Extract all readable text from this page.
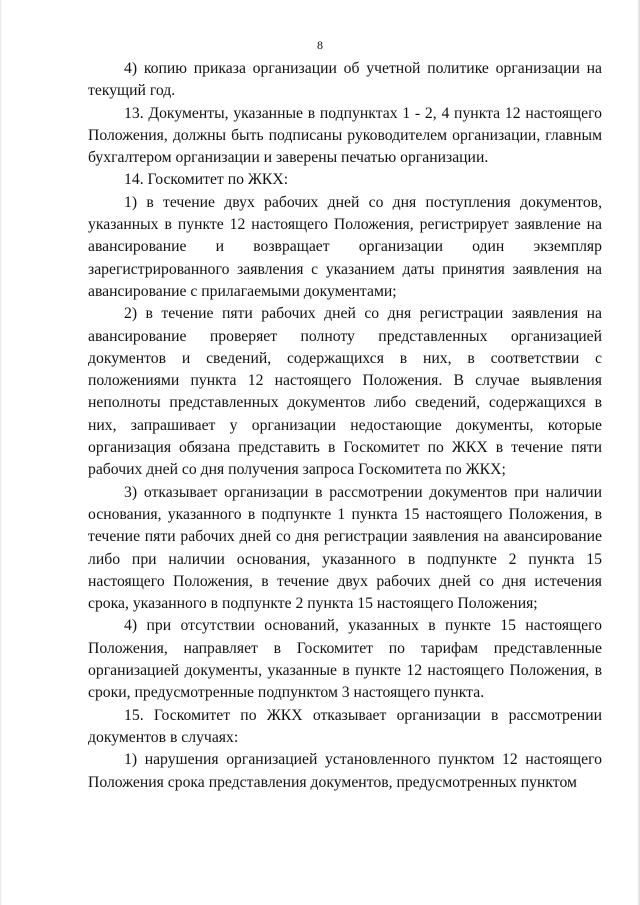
8

4) копию приказа организации об учетной политике организации на текущий год.

13. Документы, указанные в подпунктах 1 - 2, 4 пункта 12 настоящего Положения, должны быть подписаны руководителем организации, главным бухгалтером организации и заверены печатью организации.

14. Госкомитет по ЖКХ:

1) в течение двух рабочих дней со дня поступления документов, указанных в пункте 12 настоящего Положения, регистрирует заявление на авансирование и возвращает организации один экземпляр зарегистрированного заявления с указанием даты принятия заявления на авансирование с прилагаемыми документами;

2) в течение пяти рабочих дней со дня регистрации заявления на авансирование проверяет полноту представленных организацией документов и сведений, содержащихся в них, в соответствии с положениями пункта 12 настоящего Положения. В случае выявления неполноты представленных документов либо сведений, содержащихся в них, запрашивает у организации недостающие документы, которые организация обязана представить в Госкомитет по ЖКХ в течение пяти рабочих дней со дня получения запроса Госкомитета по ЖКХ;

3) отказывает организации в рассмотрении документов при наличии основания, указанного в подпункте 1 пункта 15 настоящего Положения, в течение пяти рабочих дней со дня регистрации заявления на авансирование либо при наличии основания, указанного в подпункте 2 пункта 15 настоящего Положения, в течение двух рабочих дней со дня истечения срока, указанного в подпункте 2 пункта 15 настоящего Положения;

4) при отсутствии оснований, указанных в пункте 15 настоящего Положения, направляет в Госкомитет по тарифам представленные организацией документы, указанные в пункте 12 настоящего Положения, в сроки, предусмотренные подпунктом 3 настоящего пункта.

15. Госкомитет по ЖКХ отказывает организации в рассмотрении документов в случаях:

1) нарушения организацией установленного пунктом 12 настоящего Положения срока представления документов, предусмотренных пунктом
